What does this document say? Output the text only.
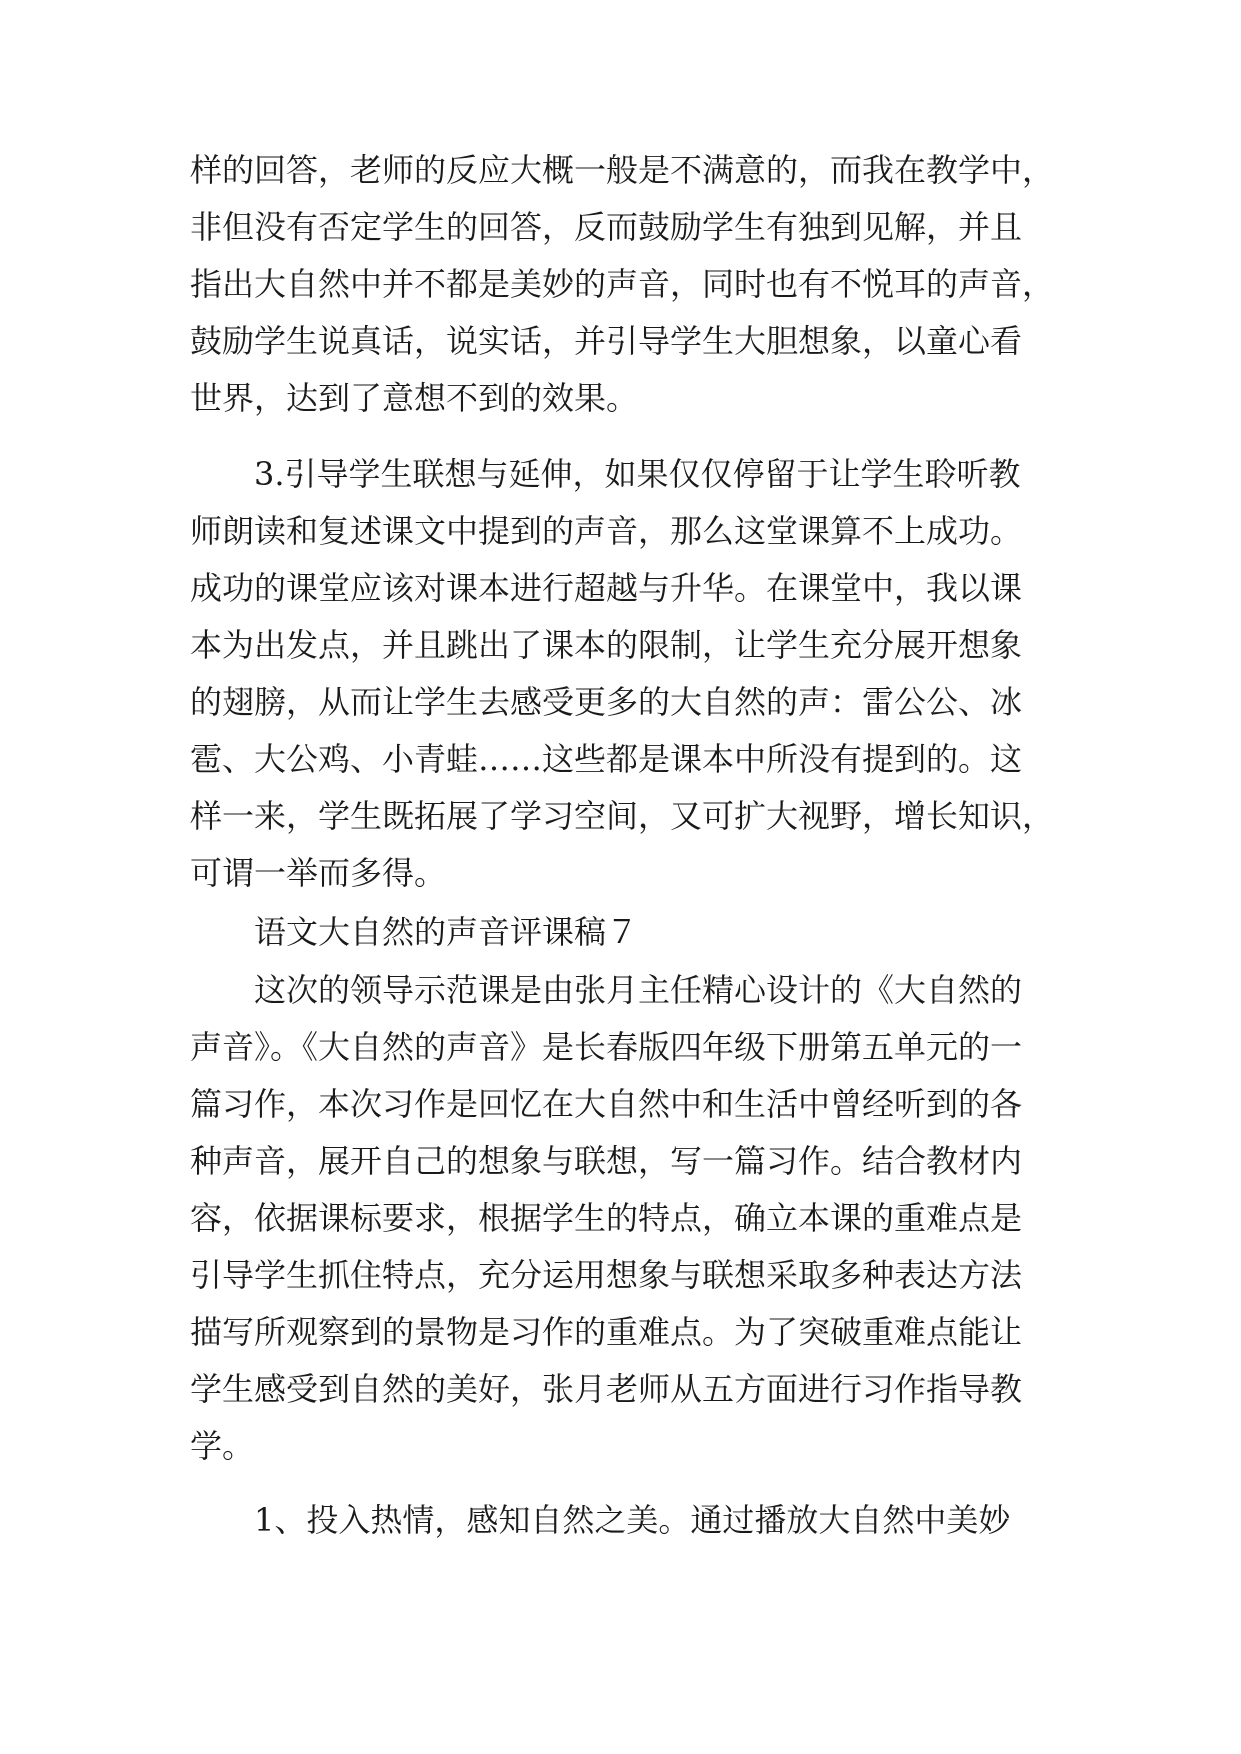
样的回答，老师的反应大概一般是不满意的，而我在教学中，
非但没有否定学生的回答，反而鼓励学生有独到见解，并且
指出大自然中并不都是美妙的声音，同时也有不悦耳的声音，
鼓励学生说真话，说实话，并引导学生大胆想象，以童心看
世界，达到了意想不到的效果。
3.引导学生联想与延伸，如果仅仅停留于让学生聆听教
师朗读和复述课文中提到的声音，那么这堂课算不上成功。
成功的课堂应该对课本进行超越与升华。在课堂中，我以课
本为出发点，并且跳出了课本的限制，让学生充分展开想象
的翅膀，从而让学生去感受更多的大自然的声：雷公公、冰
雹、大公鸡、小青蛙……这些都是课本中所没有提到的。这
样一来，学生既拓展了学习空间，又可扩大视野，增长知识，
可谓一举而多得。
语文大自然的声音评课稿７
这次的领导示范课是由张月主任精心设计的《大自然的
声音》。《大自然的声音》是长春版四年级下册第五单元的一
篇习作，本次习作是回忆在大自然中和生活中曾经听到的各
种声音，展开自己的想象与联想，写一篇习作。结合教材内
容，依据课标要求，根据学生的特点，确立本课的重难点是
引导学生抓住特点，充分运用想象与联想采取多种表达方法
描写所观察到的景物是习作的重难点。为了突破重难点能让
学生感受到自然的美好，张月老师从五方面进行习作指导教
学。
1、投入热情，感知自然之美。通过播放大自然中美妙
